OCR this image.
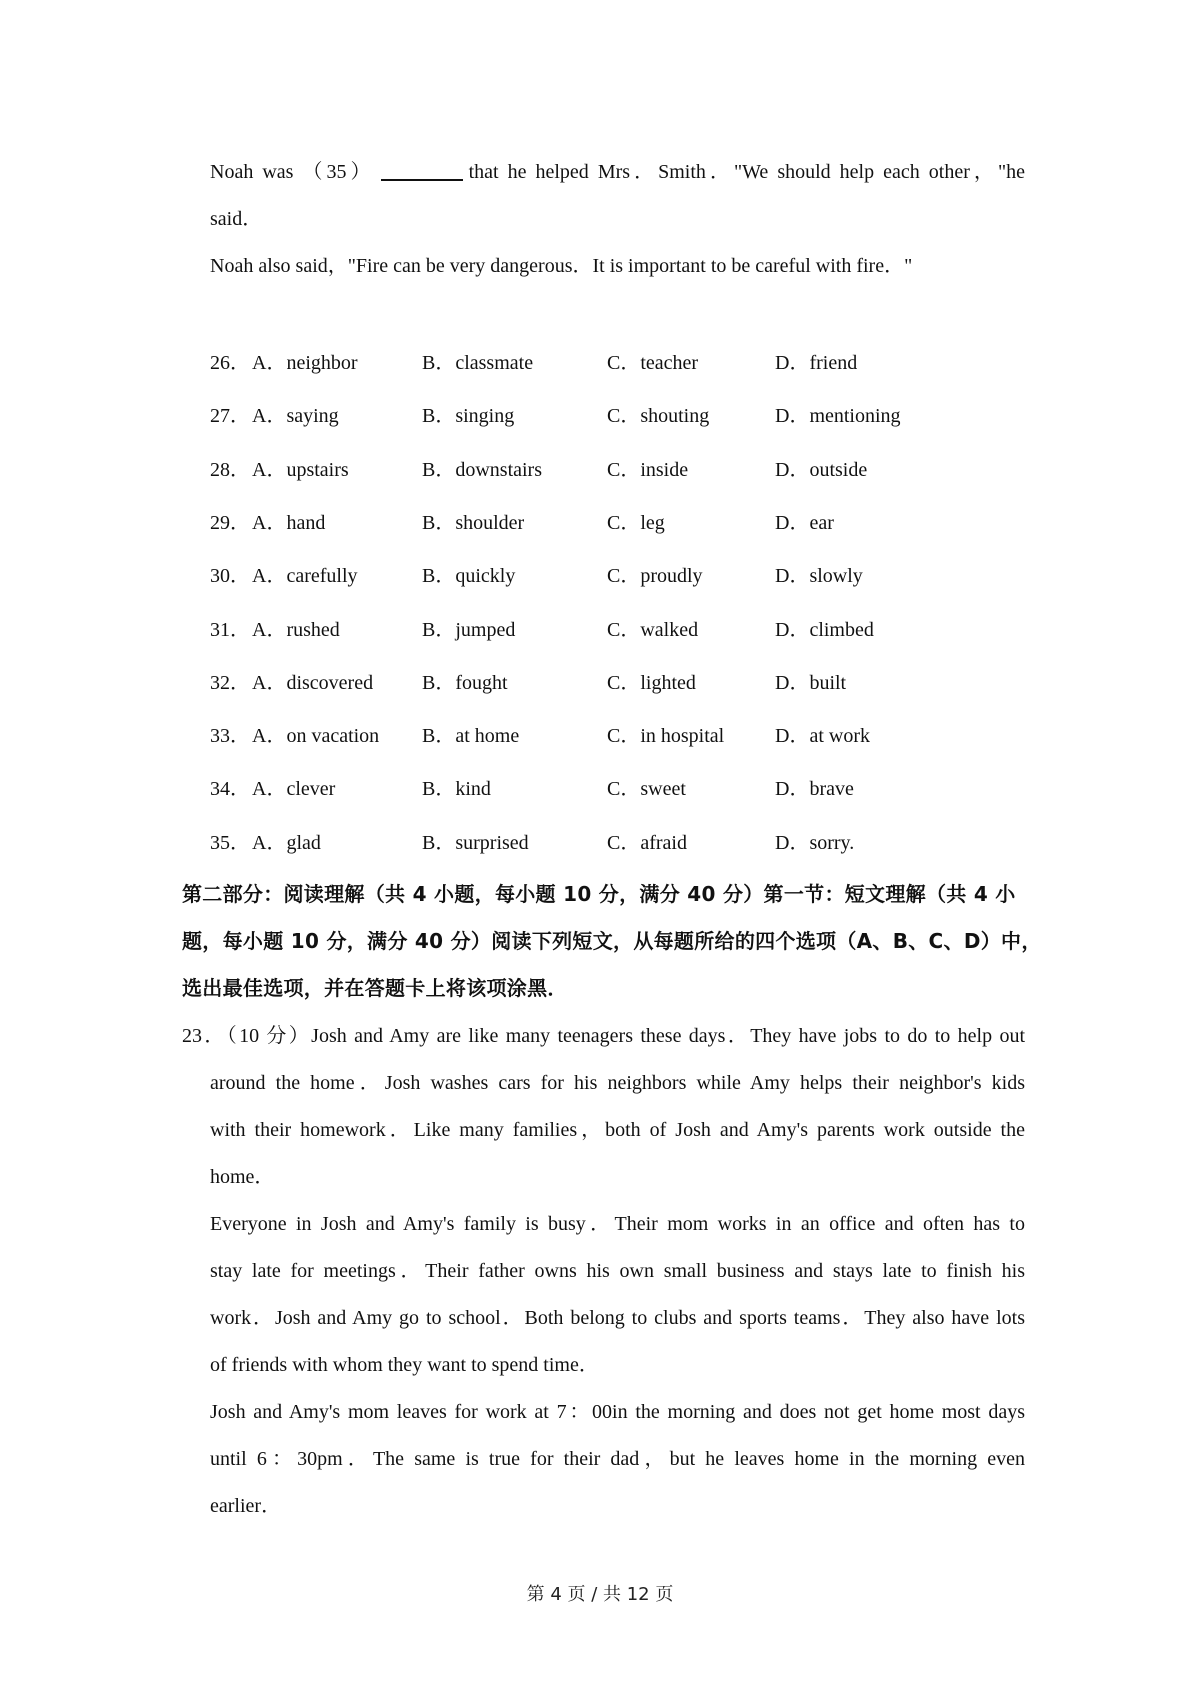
Noah was （35）	that he helped Mrs．Smith．"We should help each other，"he
said．
Noah also said，"Fire can be very dangerous．It is important to be careful with fire．"
26． A．neighbor	B．classmate	C．teacher	D．friend
27． A．saying	B．singing	C．shouting	D．mentioning
28． A．upstairs	B．downstairs	C．inside	D．outside
29． A．hand	B．shoulder	C．leg	D．ear
30． A．carefully	B．quickly	C．proudly	D．slowly
31． A．rushed	B．jumped	C．walked	D．climbed
32． A．discovered B．fought	C．lighted	D．built
33． A．on vacation B．at home	C．in hospital	D．at work
34． A．clever	B．kind	C．sweet	D．brave
35． A．glad	B．surprised	C．afraid	D．sorry.
第二部分：阅读理解（共 4 小题，每小题 10 分，满分 40 分）第一节：短文理解（共 4 小
题，每小题 10 分，满分 40 分）阅读下列短文，从每题所给的四个选项（A、B、C、D）中，
选出最佳选项，并在答题卡上将该项涂黑．
23．（10 分）Josh and Amy are like many teenagers these days．They have jobs to do to help out
around the home．Josh washes cars for his neighbors while Amy helps their neighbor's kids
with their homework．Like many families，both of Josh and Amy's parents work outside the
home．
Everyone in Josh and Amy's family is busy．Their mom works in an office and often has to
stay late for meetings．Their father owns his own small business and stays late to finish his
work．Josh and Amy go to school．Both belong to clubs and sports teams．They also have lots
of friends with whom they want to spend time．
Josh and Amy's mom leaves for work at 7：00in the morning and does not get home most days
until 6：30pm．The same is true for their dad，but he leaves home in the morning even
earlier．
第 4 页 / 共 12 页
